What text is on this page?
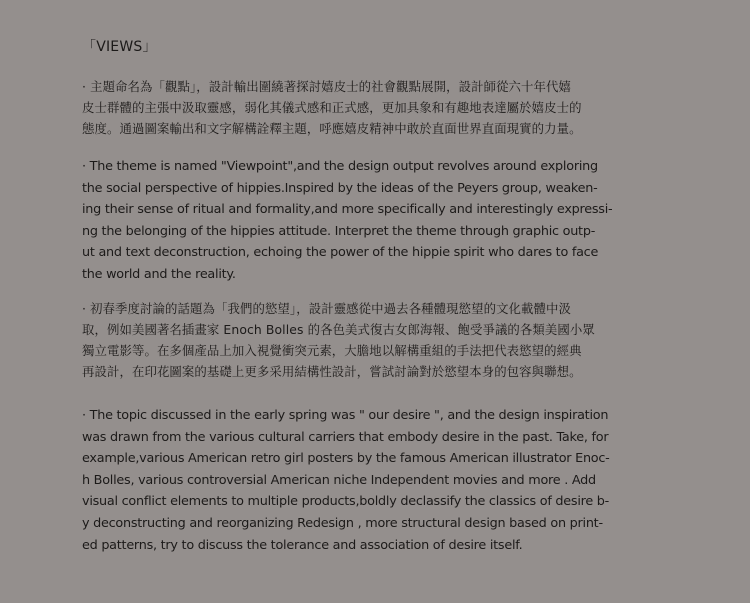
「VIEWS」

· 主題命名為「觀點」，設計輸出圍繞著探討嬉皮士的社會觀點展開，設計師從六十年代嬉
皮士群體的主張中汲取靈感，弱化其儀式感和正式感，更加具象和有趣地表達屬於嬉皮士的
態度。通過圖案輸出和文字解構詮釋主題，呼應嬉皮精神中敢於直面世界直面現實的力量。

· The theme is named "Viewpoint",and the design output revolves around exploring
the social perspective of hippies.Inspired by the ideas of the Peyers group, weaken-
ing their sense of ritual and formality,and more specifically and interestingly expressi-
ng the belonging of the hippies attitude. Interpret the theme through graphic outp-
ut and text deconstruction, echoing the power of the hippie spirit who dares to face
the world and the reality.

· 初春季度討論的話題為「我們的慾望」，設計靈感從中過去各種體現慾望的文化載體中汲
取，例如美國著名插畫家 Enoch Bolles 的各色美式復古女郎海報、飽受爭議的各類美國小眾
獨立電影等。在多個產品上加入視覺衝突元素，大膽地以解構重組的手法把代表慾望的經典
再設計，在印花圖案的基礎上更多采用結構性設計，嘗試討論對於慾望本身的包容與聯想。

· The topic discussed in the early spring was " our desire ", and the design inspiration
was drawn from the various cultural carriers that embody desire in the past. Take, for
example,various American retro girl posters by the famous American illustrator Enoc-
h Bolles, various controversial American niche Independent movies and more . Add
visual conflict elements to multiple products,boldly declassify the classics of desire b-
y deconstructing and reorganizing Redesign , more structural design based on print-
ed patterns, try to discuss the tolerance and association of desire itself.
